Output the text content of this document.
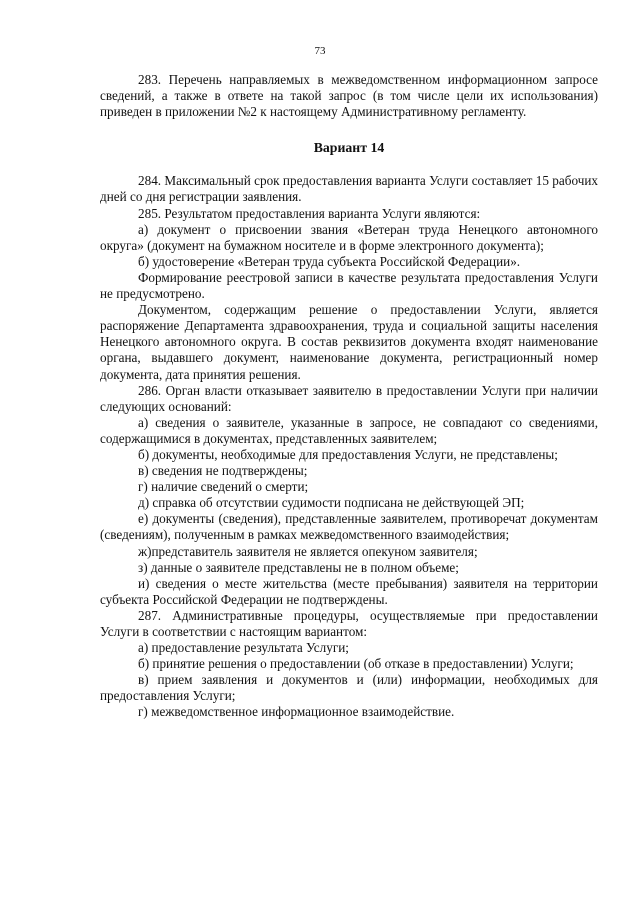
73

283. Перечень направляемых в межведомственном информационном запросе сведений, а также в ответе на такой запрос (в том числе цели их использования) приведен в приложении №2 к настоящему Административному регламенту.

Вариант 14

284. Максимальный срок предоставления варианта Услуги составляет 15 рабочих дней со дня регистрации заявления.

285. Результатом предоставления варианта Услуги являются:

а) документ о присвоении звания «Ветеран труда Ненецкого автономного округа» (документ на бумажном носителе и в форме электронного документа);

б) удостоверение «Ветеран труда субъекта Российской Федерации».

Формирование реестровой записи в качестве результата предоставления Услуги не предусмотрено.

Документом, содержащим решение о предоставлении Услуги, является распоряжение Департамента здравоохранения, труда и социальной защиты населения Ненецкого автономного округа. В состав реквизитов документа входят наименование органа, выдавшего документ, наименование документа, регистрационный номер документа, дата принятия решения.

286. Орган власти отказывает заявителю в предоставлении Услуги при наличии следующих оснований:

а) сведения о заявителе, указанные в запросе, не совпадают со сведениями, содержащимися в документах, представленных заявителем;

б) документы, необходимые для предоставления Услуги, не представлены;

в) сведения не подтверждены;

г) наличие сведений о смерти;

д) справка об отсутствии судимости подписана не действующей ЭП;

е) документы (сведения), представленные заявителем, противоречат документам (сведениям), полученным в рамках межведомственного взаимодействия;

ж)представитель заявителя не является опекуном заявителя;

з) данные о заявителе представлены не в полном объеме;

и) сведения о месте жительства (месте пребывания) заявителя на территории субъекта Российской Федерации не подтверждены.

287. Административные процедуры, осуществляемые при предоставлении Услуги в соответствии с настоящим вариантом:

а) предоставление результата Услуги;

б) принятие решения о предоставлении (об отказе в предоставлении) Услуги;

в) прием заявления и документов и (или) информации, необходимых для предоставления Услуги;

г) межведомственное информационное взаимодействие.
